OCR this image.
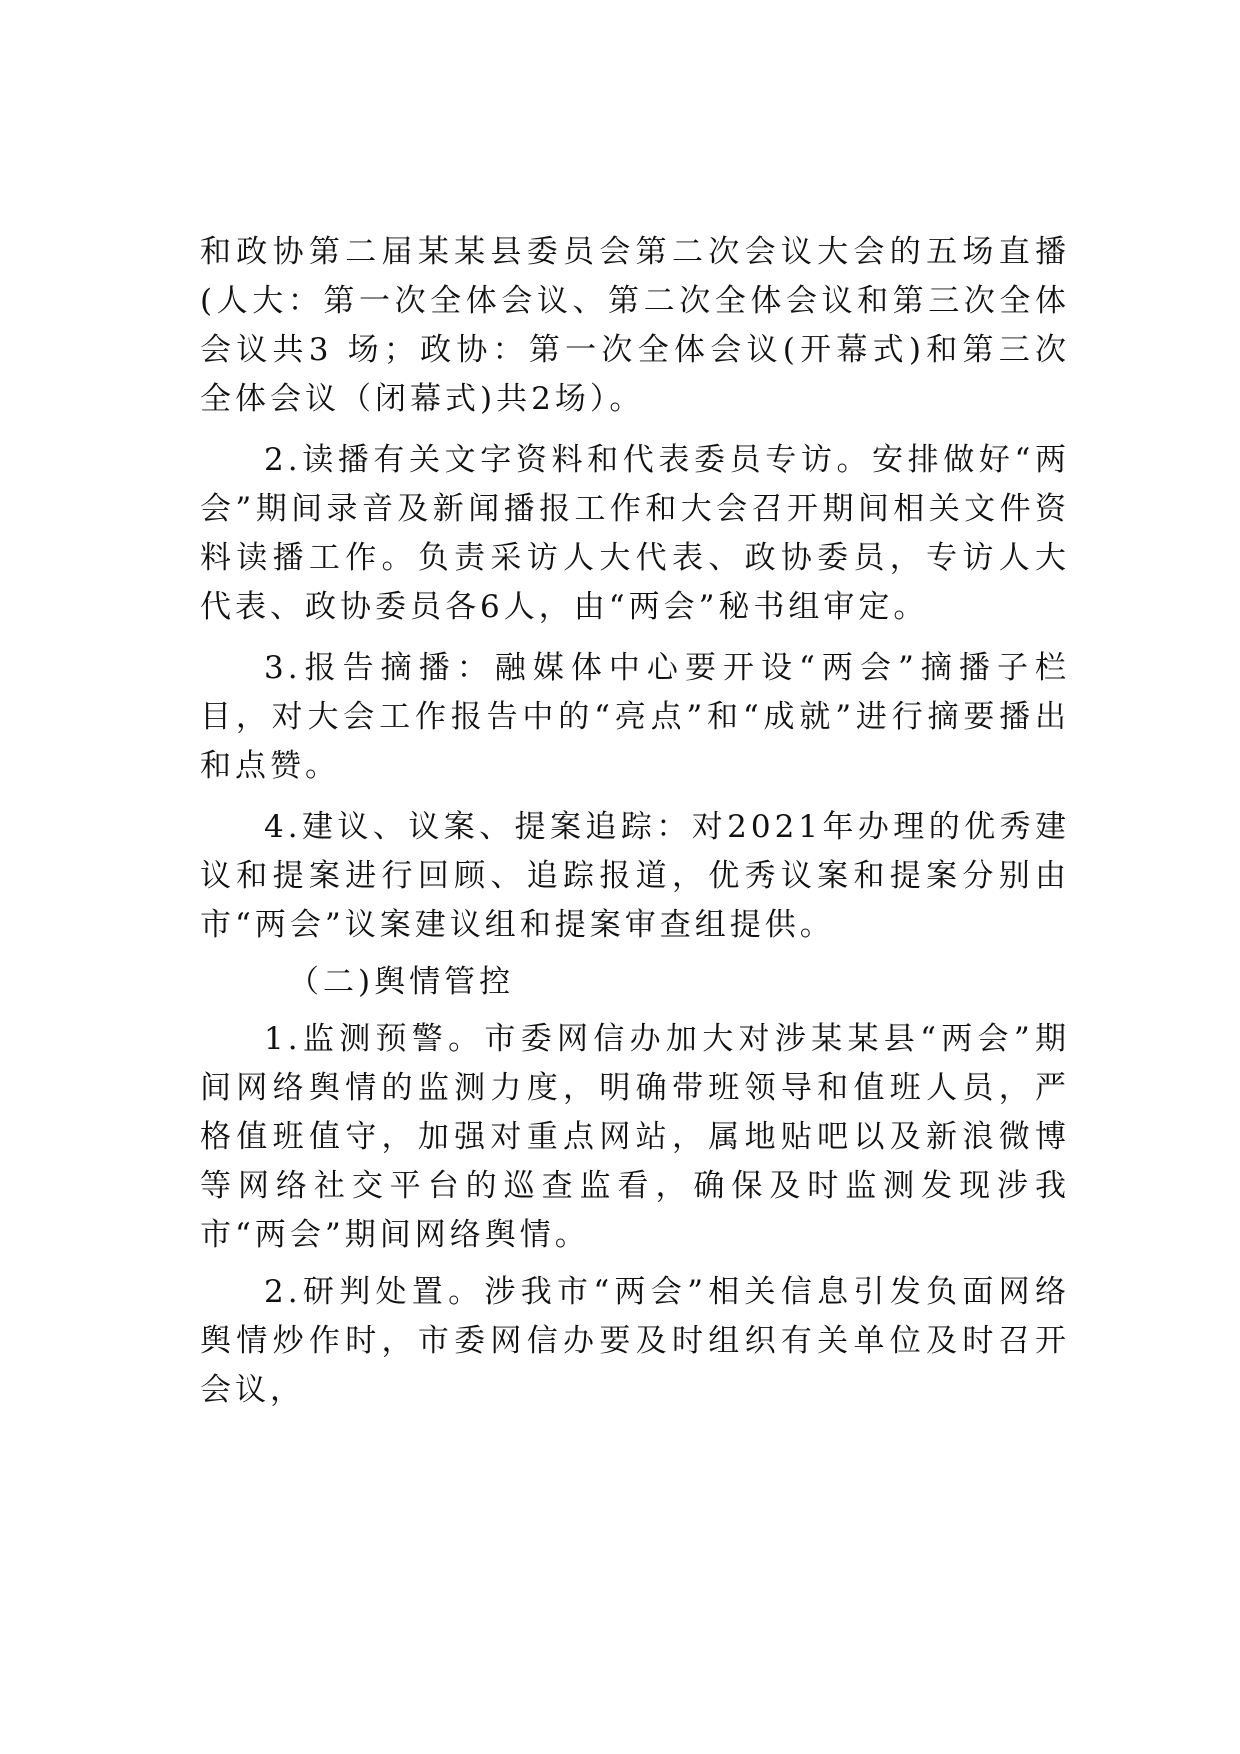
和政协第二届某某县委员会第二次会议大会的五场直播(人大：第一次全体会议、第二次全体会议和第三次全体会议共3 场；政协：第一次全体会议(开幕式)和第三次全体会议（闭幕式)共2场）。

2.读播有关文字资料和代表委员专访。安排做好“两会”期间录音及新闻播报工作和大会召开期间相关文件资料读播工作。负责采访人大代表、政协委员，专访人大代表、政协委员各6人，由“两会”秘书组审定。

3.报告摘播：融媒体中心要开设“两会”摘播子栏目，对大会工作报告中的“亮点”和“成就”进行摘要播出和点赞。

4.建议、议案、提案追踪：对2021年办理的优秀建议和提案进行回顾、追踪报道，优秀议案和提案分别由市“两会”议案建议组和提案审查组提供。

（二)舆情管控

1.监测预警。市委网信办加大对涉某某县“两会”期间网络舆情的监测力度，明确带班领导和值班人员，严格值班值守，加强对重点网站，属地贴吧以及新浪微博等网络社交平台的巡查监看，确保及时监测发现涉我市“两会”期间网络舆情。

2.研判处置。涉我市“两会”相关信息引发负面网络舆情炒作时，市委网信办要及时组织有关单位及时召开会议，
